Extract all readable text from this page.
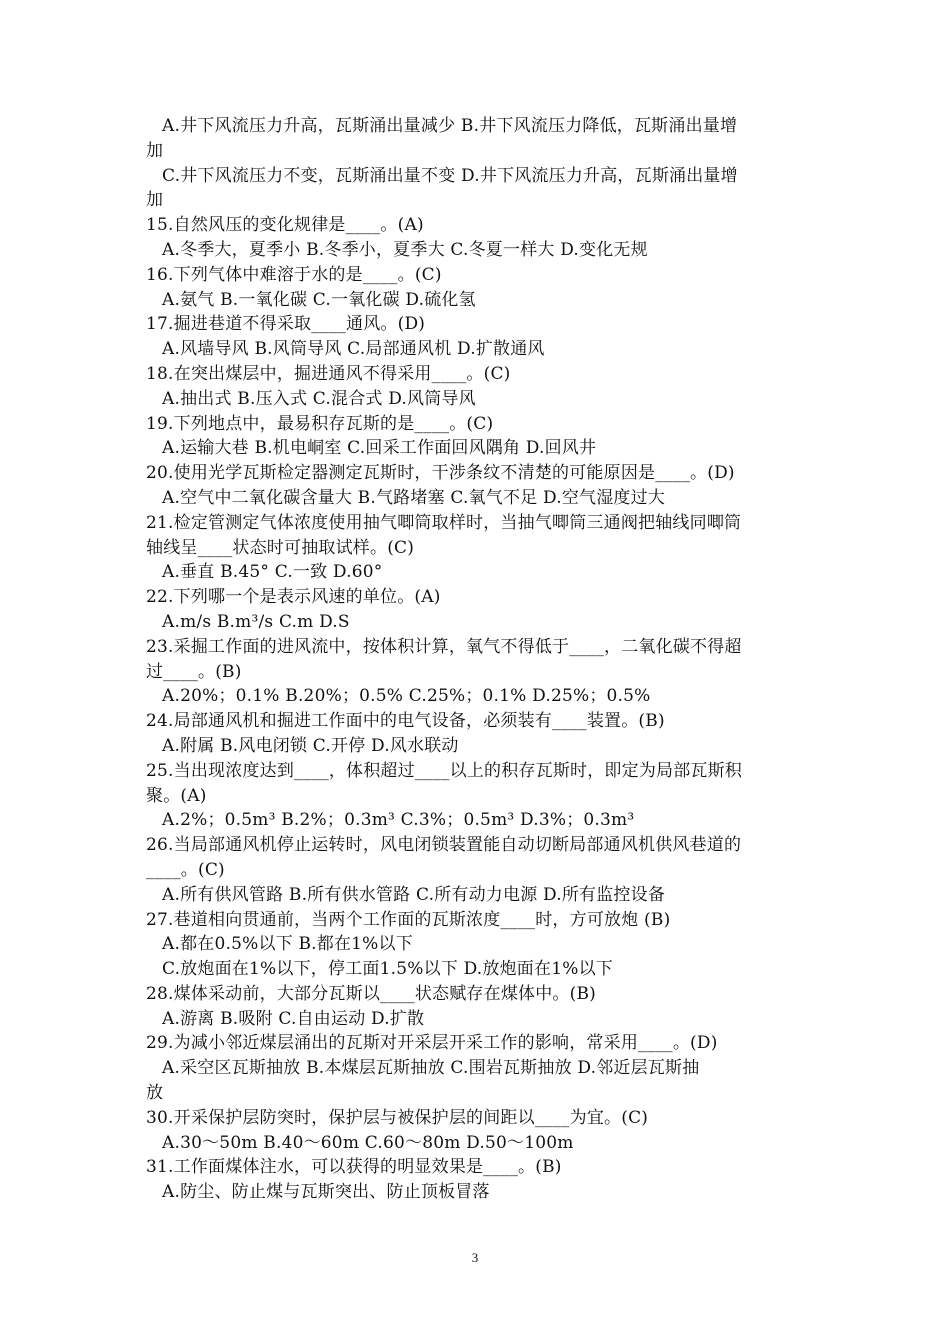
A.井下风流压力升高，瓦斯涌出量减少 B.井下风流压力降低，瓦斯涌出量增
加
C.井下风流压力不变，瓦斯涌出量不变 D.井下风流压力升高，瓦斯涌出量增
加
15.自然风压的变化规律是____。(A)
A.冬季大，夏季小 B.冬季小，夏季大 C.冬夏一样大 D.变化无规
16.下列气体中难溶于水的是____。(C)
A.氨气 B.一氧化碳 C.一氧化碳 D.硫化氢
17.掘进巷道不得采取____通风。(D)
A.风墙导风 B.风筒导风 C.局部通风机 D.扩散通风
18.在突出煤层中，掘进通风不得采用____。(C)
A.抽出式 B.压入式 C.混合式 D.风筒导风
19.下列地点中，最易积存瓦斯的是____。(C)
A.运输大巷 B.机电峒室 C.回采工作面回风隅角 D.回风井
20.使用光学瓦斯检定器测定瓦斯时，干涉条纹不清楚的可能原因是____。(D)
A.空气中二氧化碳含量大 B.气路堵塞 C.氧气不足 D.空气湿度过大
21.检定管测定气体浓度使用抽气唧筒取样时，当抽气唧筒三通阀把轴线同唧筒
轴线呈____状态时可抽取试样。(C)
A.垂直 B.45° C.一致 D.60°
22.下列哪一个是表示风速的单位。(A)
A.m/s B.m³/s C.m D.S
23.采掘工作面的进风流中，按体积计算，氧气不得低于____，二氧化碳不得超
过____。(B)
A.20%；0.1% B.20%；0.5% C.25%；0.1% D.25%；0.5%
24.局部通风机和掘进工作面中的电气设备，必须装有____装置。(B)
A.附属 B.风电闭锁 C.开停 D.风水联动
25.当出现浓度达到____，体积超过____以上的积存瓦斯时，即定为局部瓦斯积
聚。(A)
A.2%；0.5m³ B.2%；0.3m³ C.3%；0.5m³ D.3%；0.3m³
26.当局部通风机停止运转时，风电闭锁装置能自动切断局部通风机供风巷道的
____。(C)
A.所有供风管路 B.所有供水管路 C.所有动力电源 D.所有监控设备
27.巷道相向贯通前，当两个工作面的瓦斯浓度____时，方可放炮 (B)
A.都在0.5%以下 B.都在1%以下
C.放炮面在1%以下，停工面1.5%以下 D.放炮面在1%以下
28.煤体采动前，大部分瓦斯以____状态赋存在煤体中。(B)
A.游离 B.吸附 C.自由运动 D.扩散
29.为减小邻近煤层涌出的瓦斯对开采层开采工作的影响，常采用____。(D)
A.采空区瓦斯抽放 B.本煤层瓦斯抽放 C.围岩瓦斯抽放 D.邻近层瓦斯抽
放
30.开采保护层防突时，保护层与被保护层的间距以____为宜。(C)
A.30～50m B.40～60m C.60～80m D.50～100m
31.工作面煤体注水，可以获得的明显效果是____。(B)
A.防尘、防止煤与瓦斯突出、防止顶板冒落
3
